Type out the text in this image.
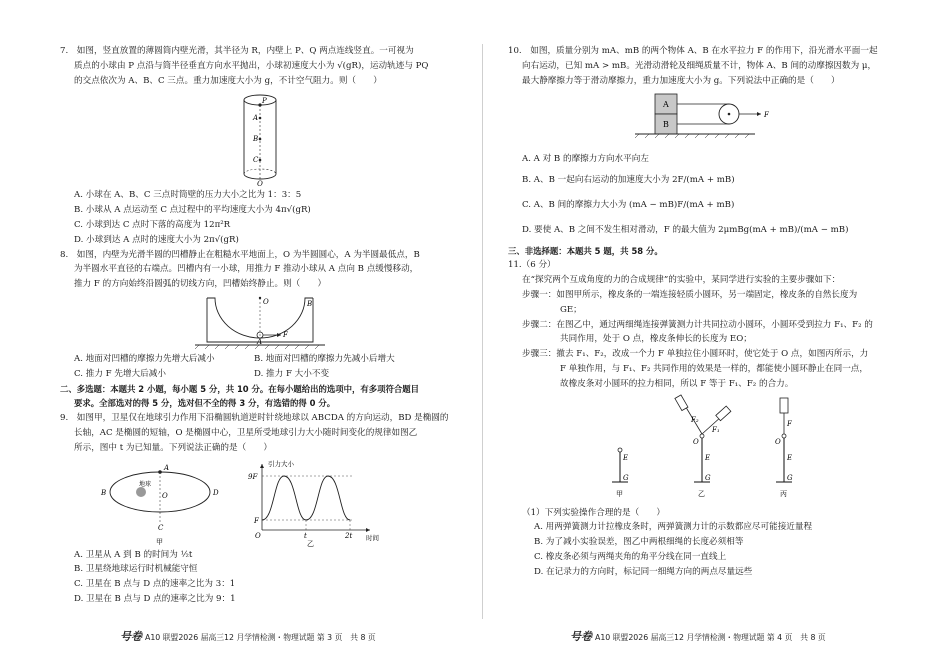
7.　如图，竖直放置的薄圆筒内壁光滑，其半径为 R，内壁上 P、Q 两点连线竖直。一可视为

质点的小球由 P 点沿与筒半径垂直方向水平抛出，小球初速度大小为 √(gR)，运动轨迹与 PQ

的交点依次为 A、B、C 三点。重力加速度大小为 g，不计空气阻力。则（　　）

P
A
B
C
Q

A. 小球在 A、B、C 三点时筒壁的压力大小之比为 1：3：5

B. 小球从 A 点运动至 C 点过程中的平均速度大小为 4π√(gR)

C. 小球到达 C 点时下落的高度为 12π²R

D. 小球到达 A 点时的速度大小为 2π√(gR)

8.　如图，内壁为光滑半圆的凹槽静止在粗糙水平地面上，O 为半圆圆心，A 为半圆最低点，B

为半圆水平直径的右端点。凹槽内有一小球，用推力 F 推动小球从 A 点向 B 点缓慢移动，

推力 F 的方向始终沿圆弧的切线方向，凹槽始终静止。则（　　）

O	B
A
F
A. 地面对凹槽的摩擦力先增大后减小	B. 地面对凹槽的摩擦力先减小后增大
C. 推力 F 先增大后减小	D. 推力 F 大小不变

二、多选题：本题共 2 小题，每小题 5 分，共 10 分。在每小题给出的选项中，有多项符合题目

要求。全部选对的得 5 分，选对但不全的得 3 分，有选错的得 0 分。

9.　如图甲，卫星仅在地球引力作用下沿椭圆轨道逆时针绕地球以 ABCDA 的方向运动，BD 是椭圆的

长轴，AC 是椭圆的短轴，O 是椭圆中心，卫星所受地球引力大小随时间变化的规律如图乙

所示，图中 t 为已知量。下列说法正确的是（　　）

A
B
C
D
O
地球
甲
引力大小
9F
F
O	t	2t 时间
乙

A. 卫星从 A 到 B 的时间为 ½t

B. 卫星绕地球运行时机械能守恒

C. 卫星在 B 点与 D 点的速率之比为 3：1

D. 卫星在 B 点与 D 点的速率之比为 9：1

号卷 A10 联盟2026 届高三12 月学情检测・物理试题 第 3 页　共 8 页

10.　如图，质量分别为 mA、mB 的两个物体 A、B 在水平拉力 F 的作用下，沿光滑水平面一起

向右运动，已知 mA > mB。光滑动滑轮及细绳质量不计，物体 A、B 间的动摩擦因数为 μ，

最大静摩擦力等于滑动摩擦力，重力加速度大小为 g。下列说法中正确的是（　　）

A
B
F

A. A 对 B 的摩擦力方向水平向左

B. A、B 一起向右运动的加速度大小为 2F/(mA + mB)

C. A、B 间的摩擦力大小为 (mA − mB)F/(mA + mB)

D. 要使 A、B 之间不发生相对滑动，F 的最大值为 2μmBg(mA + mB)/(mA − mB)

三、非选择题：本题共 5 题，共 58 分。

11.（6 分）

在“探究两个互成角度的力的合成规律”的实验中，某同学进行实验的主要步骤如下：

步骤一：如图甲所示，橡皮条的一端连接轻质小圆环，另一端固定，橡皮条的自然长度为

GE；

步骤二：在图乙中，通过两细绳连接弹簧测力计共同拉动小圆环，小圆环受到拉力 F₁、F₂ 的

共同作用，处于 O 点，橡皮条伸长的长度为 EO；

步骤三：撤去 F₁、F₂，改成一个力 F 单独拉住小圆环时，使它处于 O 点，如图丙所示，力

F 单独作用，与 F₁、F₂ 共同作用的效果是一样的，都能使小圆环静止在同一点，

故橡皮条对小圆环的拉力相同，所以 F 等于 F₁、F₂ 的合力。

E
G
甲
F₂
F₁
O
E
G
乙
F
O
E
G
丙

（1）下列实验操作合理的是（　　）

A. 用两弹簧测力计拉橡皮条时，两弹簧测力计的示数都应尽可能接近量程

B. 为了减小实验误差，图乙中两根细绳的长度必须相等

C. 橡皮条必须与两绳夹角的角平分线在同一直线上

D. 在记录力的方向时，标记同一细绳方向的两点尽量远些

号卷 A10 联盟2026 届高三12 月学情检测・物理试题 第 4 页　共 8 页
